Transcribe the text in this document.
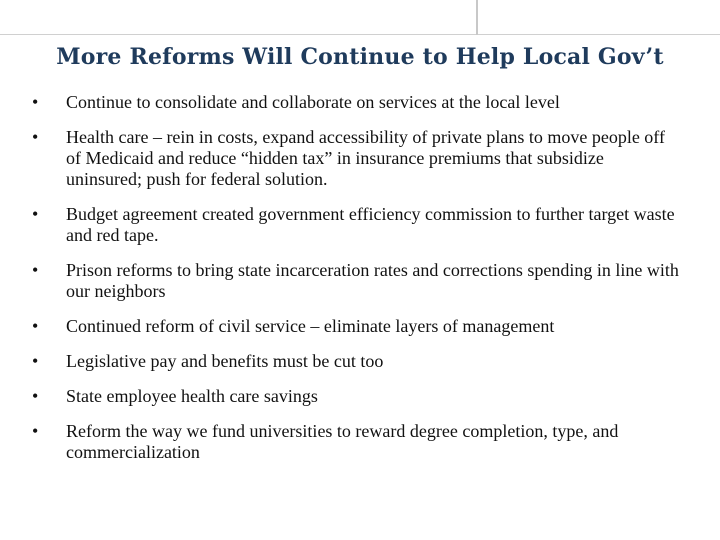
More Reforms Will Continue to Help Local Gov’t
•	Continue to consolidate and collaborate on services at the local level
•	Health care – rein in costs, expand accessibility of private plans to move people off of Medicaid and reduce “hidden tax” in insurance premiums that subsidize uninsured; push for federal solution.
•	Budget agreement created government efficiency commission to further target waste and red tape.
•	Prison reforms to bring state incarceration rates and corrections spending in line with our neighbors
•	Continued reform of civil service – eliminate layers of management
•	Legislative pay and benefits must be cut too
•	State employee health care savings
•	Reform the way we fund universities to reward degree completion, type, and commercialization
